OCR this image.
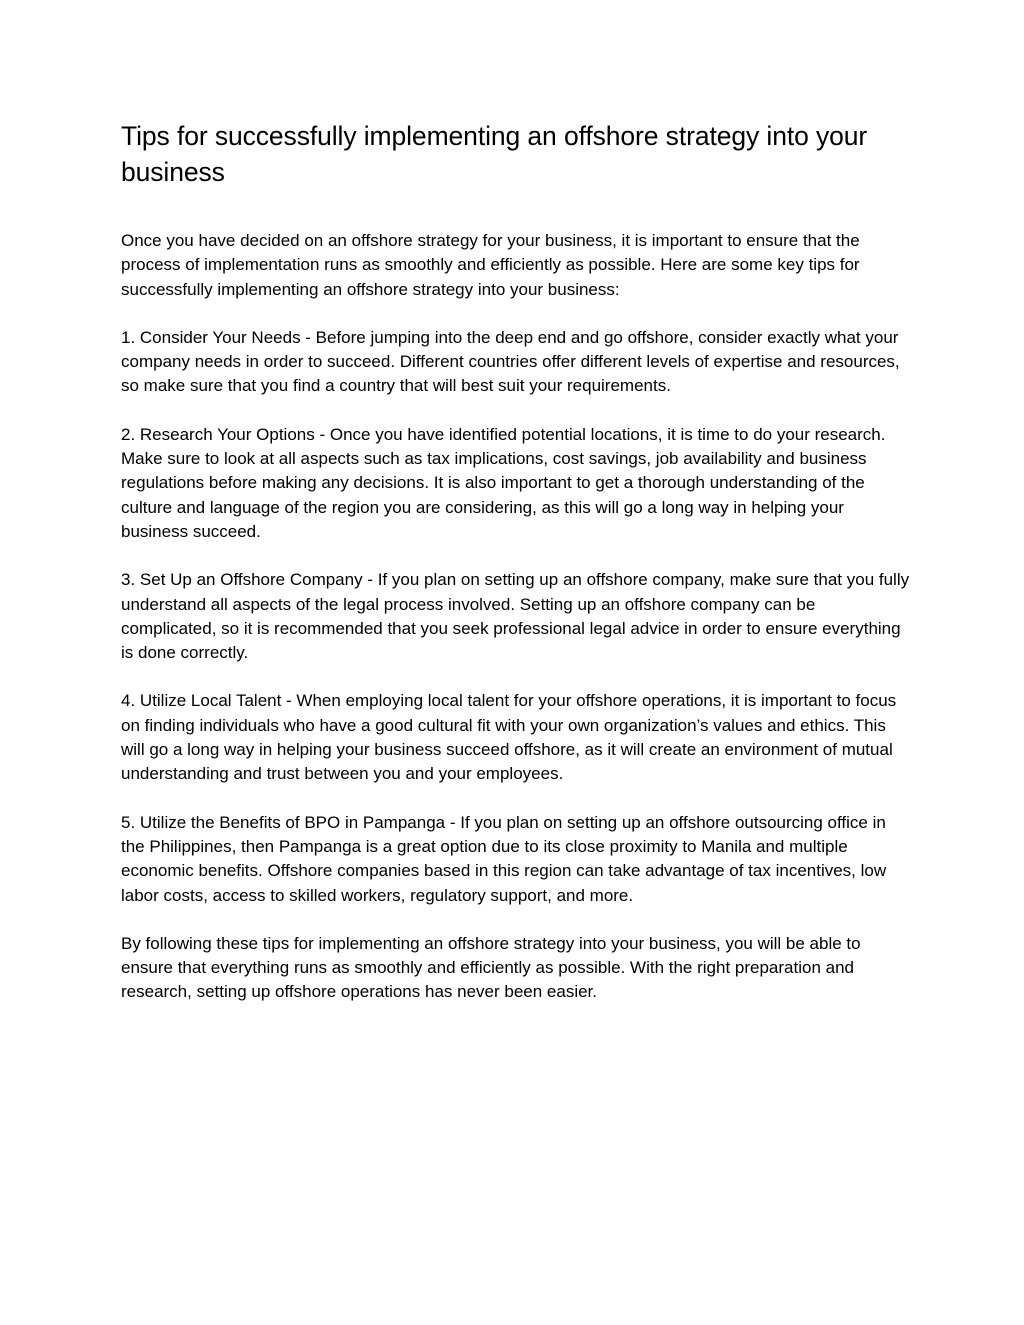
Tips for successfully implementing an offshore strategy into your business

Once you have decided on an offshore strategy for your business, it is important to ensure that the process of implementation runs as smoothly and efficiently as possible. Here are some key tips for successfully implementing an offshore strategy into your business:

1. Consider Your Needs - Before jumping into the deep end and go offshore, consider exactly what your company needs in order to succeed. Different countries offer different levels of expertise and resources, so make sure that you find a country that will best suit your requirements.

2. Research Your Options - Once you have identified potential locations, it is time to do your research. Make sure to look at all aspects such as tax implications, cost savings, job availability and business regulations before making any decisions. It is also important to get a thorough understanding of the culture and language of the region you are considering, as this will go a long way in helping your business succeed.

3. Set Up an Offshore Company - If you plan on setting up an offshore company, make sure that you fully understand all aspects of the legal process involved. Setting up an offshore company can be complicated, so it is recommended that you seek professional legal advice in order to ensure everything is done correctly.

4. Utilize Local Talent - When employing local talent for your offshore operations, it is important to focus on finding individuals who have a good cultural fit with your own organization’s values and ethics. This will go a long way in helping your business succeed offshore, as it will create an environment of mutual understanding and trust between you and your employees.

5. Utilize the Benefits of BPO in Pampanga - If you plan on setting up an offshore outsourcing office in the Philippines, then Pampanga is a great option due to its close proximity to Manila and multiple economic benefits. Offshore companies based in this region can take advantage of tax incentives, low labor costs, access to skilled workers, regulatory support, and more.

By following these tips for implementing an offshore strategy into your business, you will be able to ensure that everything runs as smoothly and efficiently as possible. With the right preparation and research, setting up offshore operations has never been easier.
